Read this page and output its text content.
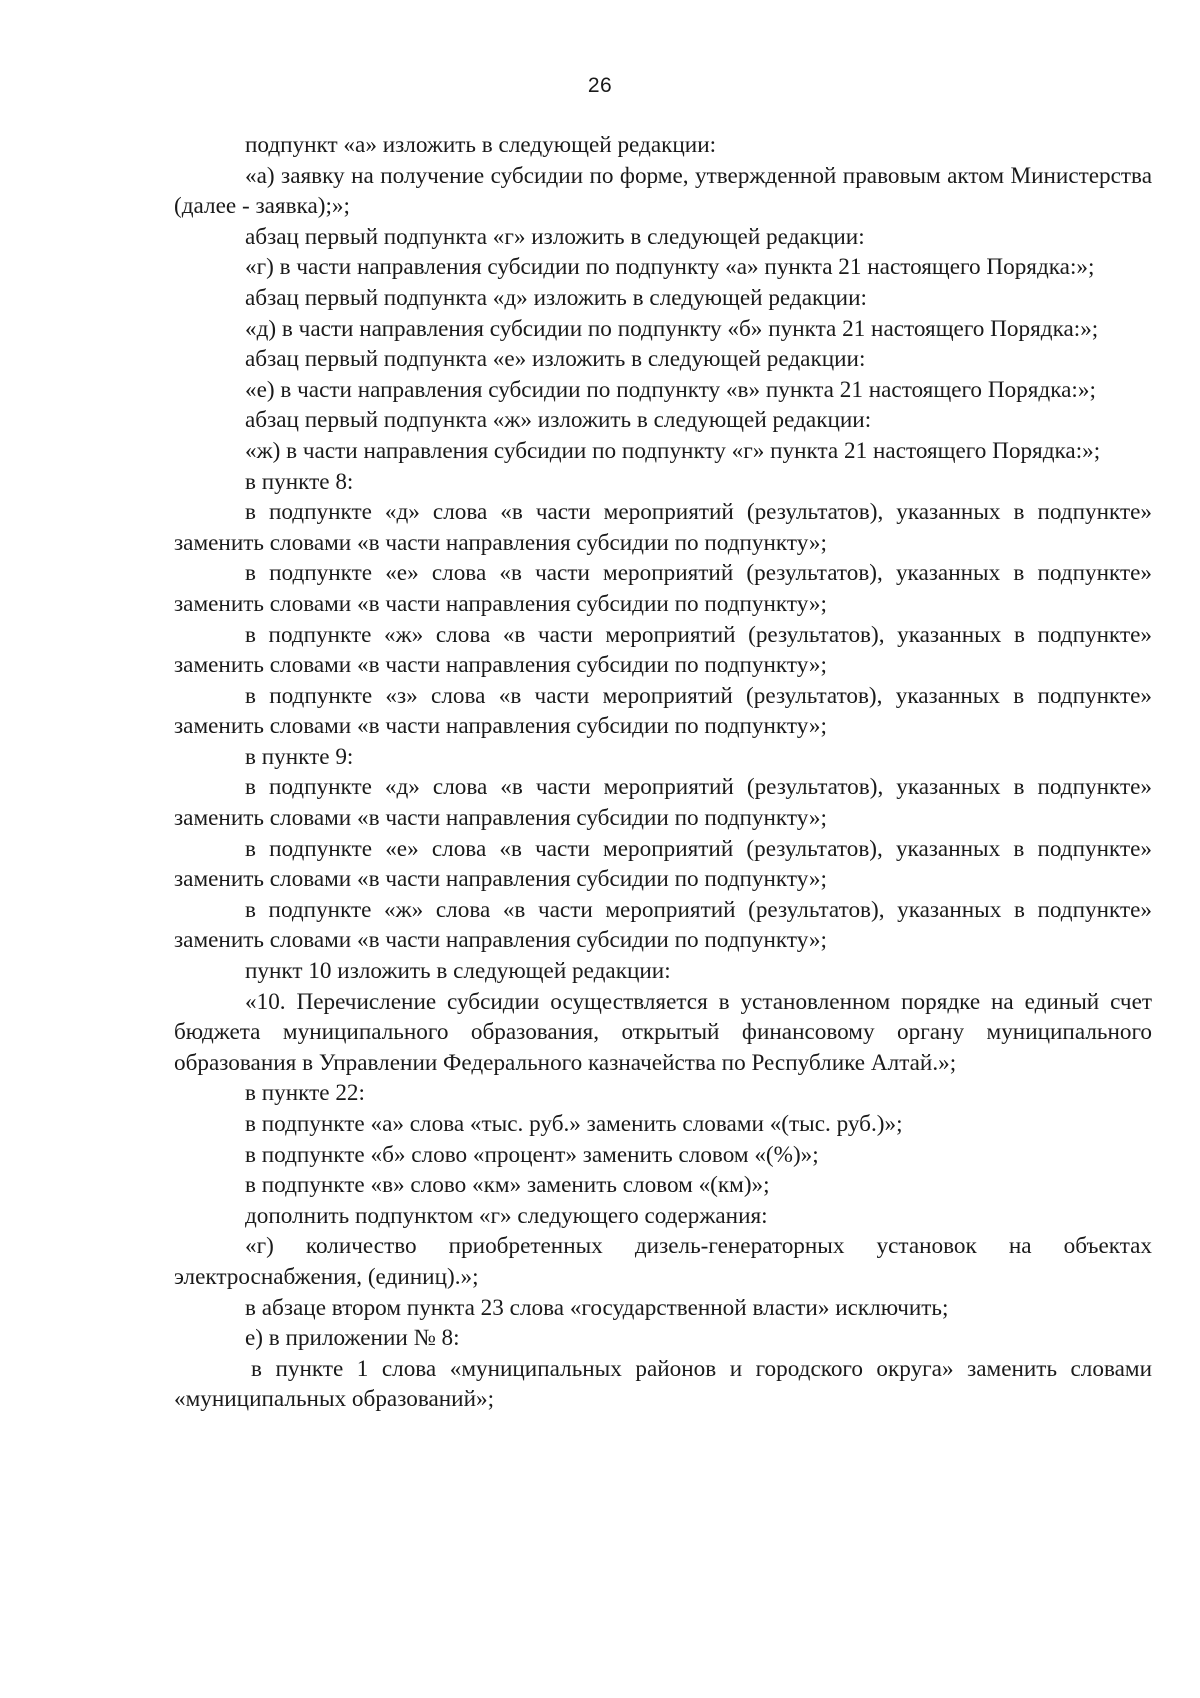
26

подпункт «а» изложить в следующей редакции:

«а) заявку на получение субсидии по форме, утвержденной правовым актом Министерства (далее - заявка);»;

абзац первый подпункта «г» изложить в следующей редакции:

«г) в части направления субсидии по подпункту «а» пункта 21 настоящего Порядка:»;

абзац первый подпункта «д» изложить в следующей редакции:

«д) в части направления субсидии по подпункту «б» пункта 21 настоящего Порядка:»;

абзац первый подпункта «е» изложить в следующей редакции:

«е) в части направления субсидии по подпункту «в» пункта 21 настоящего Порядка:»;

абзац первый подпункта «ж» изложить в следующей редакции:

«ж) в части направления субсидии по подпункту «г» пункта 21 настоящего Порядка:»;

в пункте 8:

в подпункте «д» слова «в части мероприятий (результатов), указанных в подпункте» заменить словами «в части направления субсидии по подпункту»;

в подпункте «е» слова «в части мероприятий (результатов), указанных в подпункте» заменить словами «в части направления субсидии по подпункту»;

в подпункте «ж» слова «в части мероприятий (результатов), указанных в подпункте» заменить словами «в части направления субсидии по подпункту»;

в подпункте «з» слова «в части мероприятий (результатов), указанных в подпункте» заменить словами «в части направления субсидии по подпункту»;

в пункте 9:

в подпункте «д» слова «в части мероприятий (результатов), указанных в подпункте» заменить словами «в части направления субсидии по подпункту»;

в подпункте «е» слова «в части мероприятий (результатов), указанных в подпункте» заменить словами «в части направления субсидии по подпункту»;

в подпункте «ж» слова «в части мероприятий (результатов), указанных в подпункте» заменить словами «в части направления субсидии по подпункту»;

пункт 10 изложить в следующей редакции:

«10. Перечисление субсидии осуществляется в установленном порядке на единый счет бюджета муниципального образования, открытый финансовому органу муниципального образования в Управлении Федерального казначейства по Республике Алтай.»;

в пункте 22:

в подпункте «а» слова «тыс. руб.» заменить словами «(тыс. руб.)»;

в подпункте «б» слово «процент» заменить словом «(%)»;

в подпункте «в» слово «км» заменить словом «(км)»;

дополнить подпунктом «г» следующего содержания:

«г) количество приобретенных дизель-генераторных установок на объектах электроснабжения, (единиц).»;

в абзаце втором пункта 23 слова «государственной власти» исключить;

е) в приложении № 8:

в пункте 1 слова «муниципальных районов и городского округа» заменить словами «муниципальных образований»;
